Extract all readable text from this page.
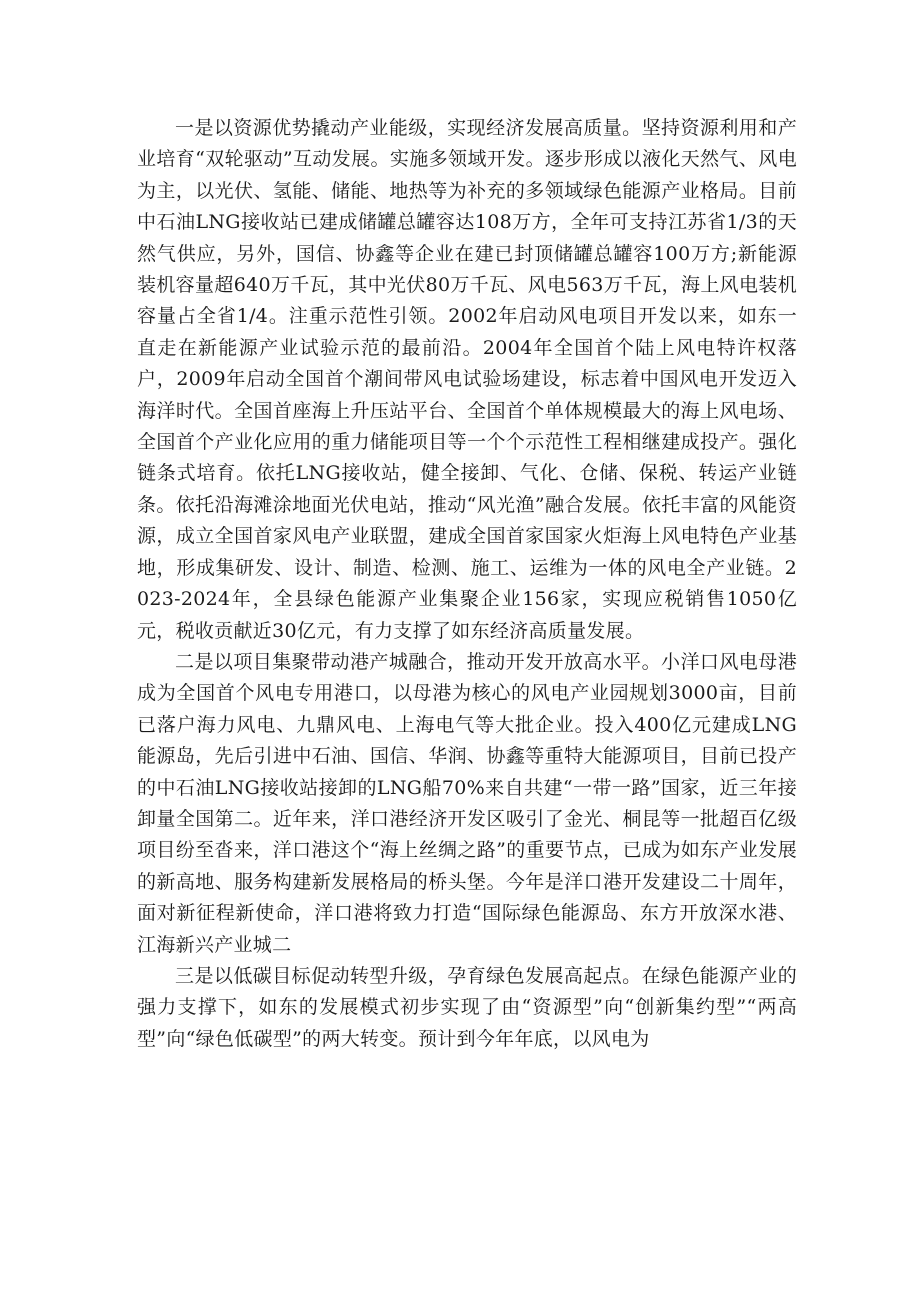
一是以资源优势撬动产业能级，实现经济发展高质量。坚持资源利用和产业培育“双轮驱动”互动发展。实施多领域开发。逐步形成以液化天然气、风电为主，以光伏、氢能、储能、地热等为补充的多领域绿色能源产业格局。目前中石油LNG接收站已建成储罐总罐容达108万方，全年可支持江苏省1/3的天然气供应，另外，国信、协鑫等企业在建已封顶储罐总罐容100万方;新能源装机容量超640万千瓦，其中光伏80万千瓦、风电563万千瓦，海上风电装机容量占全省1/4。注重示范性引领。2002年启动风电项目开发以来，如东一直走在新能源产业试验示范的最前沿。2004年全国首个陆上风电特许权落户，2009年启动全国首个潮间带风电试验场建设，标志着中国风电开发迈入海洋时代。全国首座海上升压站平台、全国首个单体规模最大的海上风电场、全国首个产业化应用的重力储能项目等一个个示范性工程相继建成投产。强化链条式培育。依托LNG接收站，健全接卸、气化、仓储、保税、转运产业链条。依托沿海滩涂地面光伏电站，推动“风光渔”融合发展。依托丰富的风能资源，成立全国首家风电产业联盟，建成全国首家国家火炬海上风电特色产业基地，形成集研发、设计、制造、检测、施工、运维为一体的风电全产业链。2023-2024年，全县绿色能源产业集聚企业156家，实现应税销售1050亿元，税收贡献近30亿元，有力支撑了如东经济高质量发展。

二是以项目集聚带动港产城融合，推动开发开放高水平。小洋口风电母港成为全国首个风电专用港口，以母港为核心的风电产业园规划3000亩，目前已落户海力风电、九鼎风电、上海电气等大批企业。投入400亿元建成LNG能源岛，先后引进中石油、国信、华润、协鑫等重特大能源项目，目前已投产的中石油LNG接收站接卸的LNG船70%来自共建“一带一路”国家，近三年接卸量全国第二。近年来，洋口港经济开发区吸引了金光、桐昆等一批超百亿级项目纷至沓来，洋口港这个“海上丝绸之路”的重要节点，已成为如东产业发展的新高地、服务构建新发展格局的桥头堡。今年是洋口港开发建设二十周年，面对新征程新使命，洋口港将致力打造“国际绿色能源岛、东方开放深水港、江海新兴产业城二

三是以低碳目标促动转型升级，孕育绿色发展高起点。在绿色能源产业的强力支撑下，如东的发展模式初步实现了由“资源型”向“创新集约型”“两高型”向“绿色低碳型”的两大转变。预计到今年年底，以风电为
